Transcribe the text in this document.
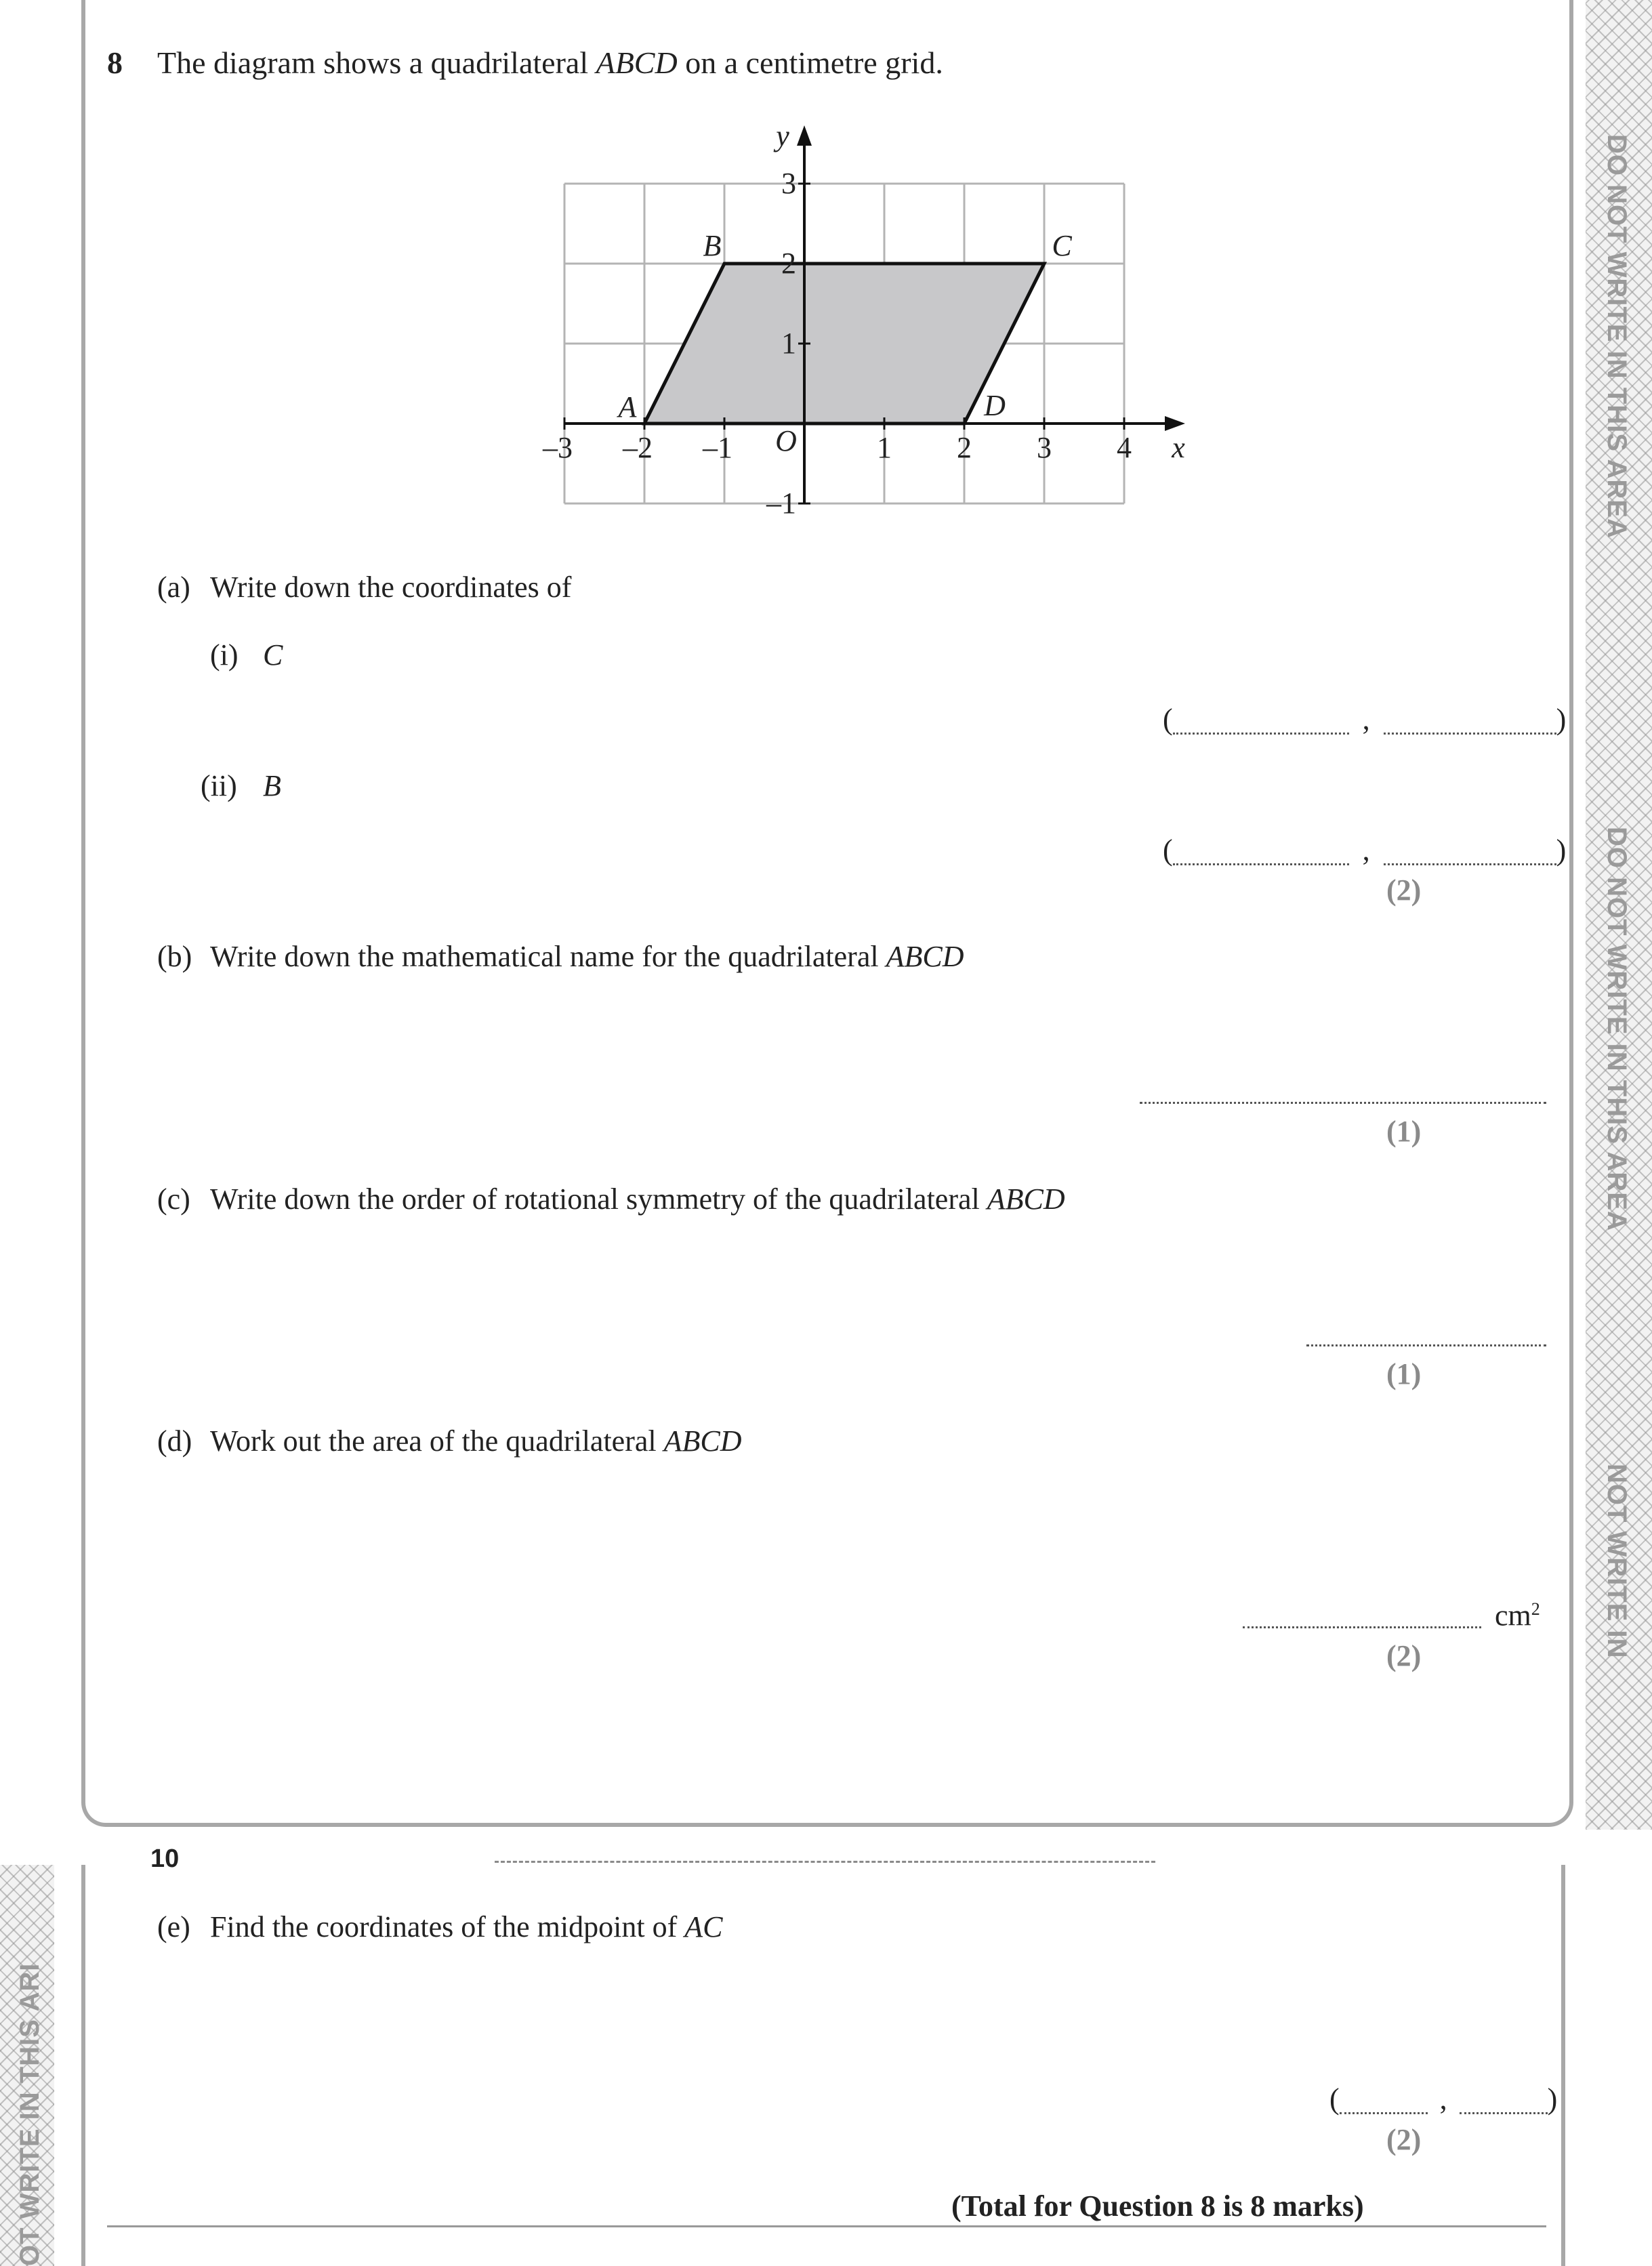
DO NOT WRITE IN THIS AREA
DO NOT WRITE IN THIS AREA
NOT WRITE IN
OT WRITE IN THIS ARI
8 The diagram shows a quadrilateral ABCD on a centimetre grid.
–3 –2 –1	1 2 3 4
3
2
1
–1
O	x
y
A
B	C
D
(a) Write down the coordinates of
(i) C
(	,	)
(ii) B
(	,	)
(2)
(b) Write down the mathematical name for the quadrilateral ABCD
(1)
(c) Write down the order of rotational symmetry of the quadrilateral ABCD
(1)
(d) Work out the area of the quadrilateral ABCD
$cm^2$
(2)
10
(e) Find the coordinates of the midpoint of AC
(	,	)
(2)
(Total for Question 8 is 8 marks)
